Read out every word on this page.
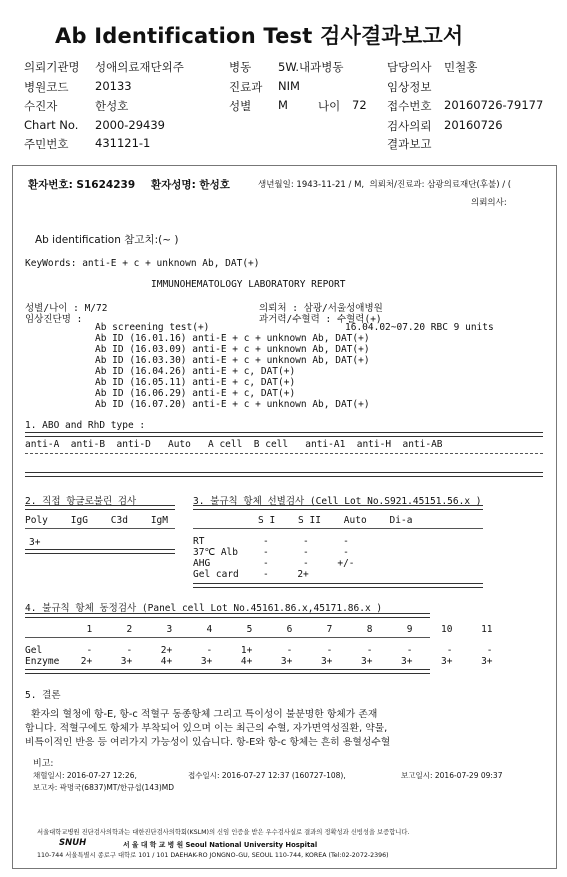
Ab Identification Test 검사결과보고서
의뢰기관명 성애의료재단외주	병동 5W.내과병동	담당의사 민철홍
병원코드 20133	진료과 NIM	임상정보
수진자	한성호	성별 M	나이 72 접수번호 20160726-79177
Chart No. 2000-29439	검사의뢰 20160726
주민번호 431121-1	결과보고
환자번호: S1624239 환자성명: 한성호	생년월일: 1943-11-21 / M,  의뢰처/진료과: 삼광의료재단(후불) / (
의뢰의사:
Ab identification 참고치:(~ )
KeyWords: anti-E + c + unknown Ab, DAT(+)
IMMUNOHEMATOLOGY LABORATORY REPORT
성별/나이 : M/72	의뢰처 : 삼광/서울성애병원
임상진단명 :	과거력/수혈력 : 수혈력(+)
16.04.02~07.20 RBC 9 units
Ab screening test(+)
Ab ID (16.01.16) anti-E + c + unknown Ab, DAT(+)
Ab ID (16.03.09) anti-E + c + unknown Ab, DAT(+)
Ab ID (16.03.30) anti-E + c + unknown Ab, DAT(+)
Ab ID (16.04.26) anti-E + c, DAT(+)
Ab ID (16.05.11) anti-E + c, DAT(+)
Ab ID (16.06.29) anti-E + c, DAT(+)
Ab ID (16.07.20) anti-E + c + unknown Ab, DAT(+)
1. ABO and RhD type :
anti-A  anti-B  anti-D   Auto   A cell  B cell   anti-A1  anti-H  anti-AB
2. 직접 항글로불린 검사
Poly    IgG    C3d    IgM
3+
3. 불규칙 항체 선별검사 (Cell Lot No.S921.45151.56.x )
S I    S II    Auto    Di-a
RT	-      -      -
37℃ Alb	-      -      -
AHG	-      -     +/-
Gel card	-     2+
4. 불규칙 항체 동정검사 (Panel cell Lot No.45161.86.x,45171.86.x )
1      2      3      4      5      6      7      8      9     10     11
Gel	-      -     2+      -     1+      -      -      -      -      -      -
Enzyme 2+     3+     4+     3+     4+     3+     3+     3+     3+     3+     3+
5. 결론
환자의 혈청에 항-E, 항-c 적혈구 동종항체 그리고 특이성이 불분명한 항체가 존재
합니다. 적혈구에도 항체가 부착되어 있으며 이는 최근의 수혈, 자가면역성질환, 약물,
비특이적인 반응 등 여러가지 가능성이 있습니다. 항-E와 항-c 항체는 흔히 용혈성수혈
비고:
채혈일시: 2016-07-27 12:26,	접수일시: 2016-07-27 12:37 (160727-108),	보고일시: 2016-07-29 09:37
보고자: 곽명국(6837)MT/한규섭(143)MD
서울대학교병원 진단검사의학과는 대한진단검사의학회(KSLM)의 신임 인증을 받은 우수검사실로 결과의 정확성과 신빙성을 보증합니다.
SNUH	서 울 대 학 교 병 원 Seoul National University Hospital
110-744 서울특별시 종로구 대학로 101 / 101 DAEHAK-RO JONGNO-GU, SEOUL 110-744, KOREA (Tel:02-2072-2396)
